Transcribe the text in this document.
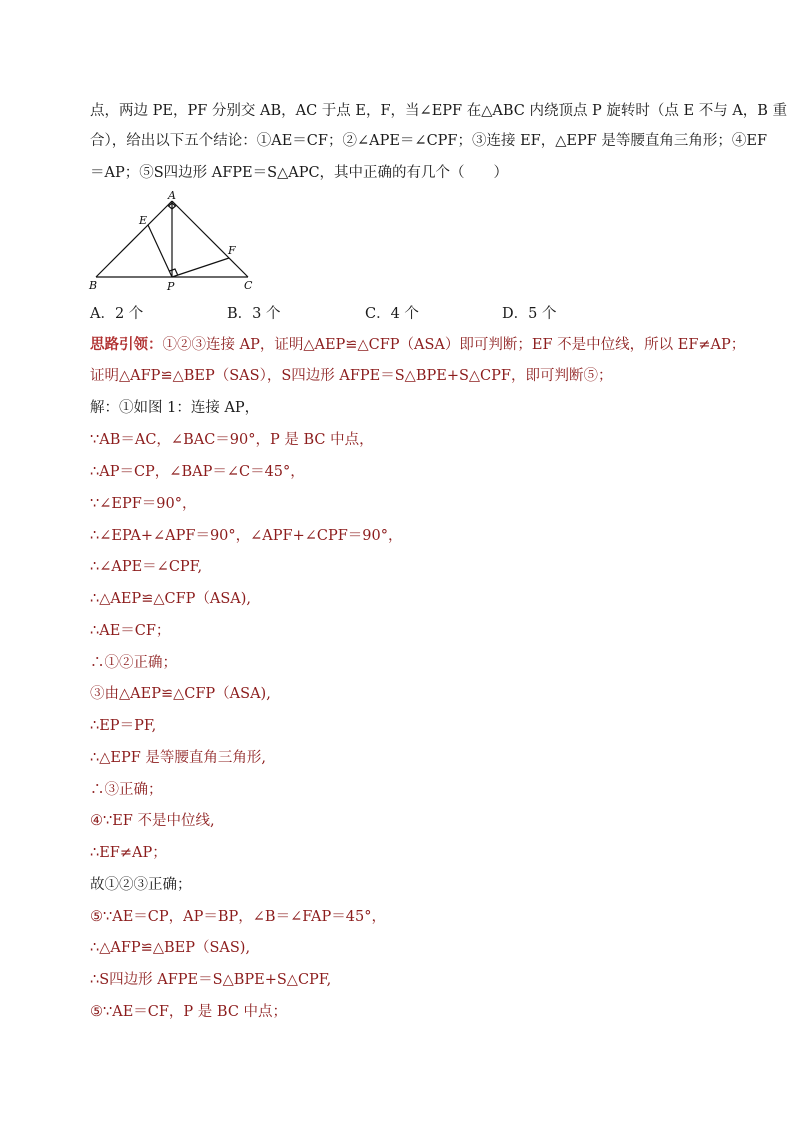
点，两边 PE，PF 分别交 AB，AC 于点 E，F，当∠EPF 在△ABC 内绕顶点 P 旋转时（点 E 不与 A，B 重
合），给出以下五个结论：①AE＝CF；②∠APE＝∠CPF；③连接 EF，△EPF 是等腰直角三角形；④EF
＝AP；⑤S四边形 AFPE＝S△APC，其中正确的有几个（　　）
A
B	C
E
F
P
A．2 个	B．3 个	C．4 个	D．5 个
思路引领：①②③连接 AP，证明△AEP≌△CFP（ASA）即可判断；EF 不是中位线，所以 EF≠AP；
证明△AFP≌△BEP（SAS），S四边形 AFPE＝S△BPE+S△CPF，即可判断⑤；
解：①如图 1：连接 AP，
∵AB＝AC，∠BAC＝90°，P 是 BC 中点，
∴AP＝CP，∠BAP＝∠C＝45°，
∵∠EPF＝90°，
∴∠EPA+∠APF＝90°，∠APF+∠CPF＝90°，
∴∠APE＝∠CPF,
∴△AEP≌△CFP（ASA),
∴AE＝CF；
∴①②正确；
③由△AEP≌△CFP（ASA),
∴EP＝PF,
∴△EPF 是等腰直角三角形,
∴③正确；
④∵EF 不是中位线,
∴EF≠AP；
故①②③正确；
⑤∵AE＝CP，AP＝BP，∠B＝∠FAP＝45°，
∴△AFP≌△BEP（SAS),
∴S四边形 AFPE＝S△BPE+S△CPF,
⑤∵AE＝CF，P 是 BC 中点；
